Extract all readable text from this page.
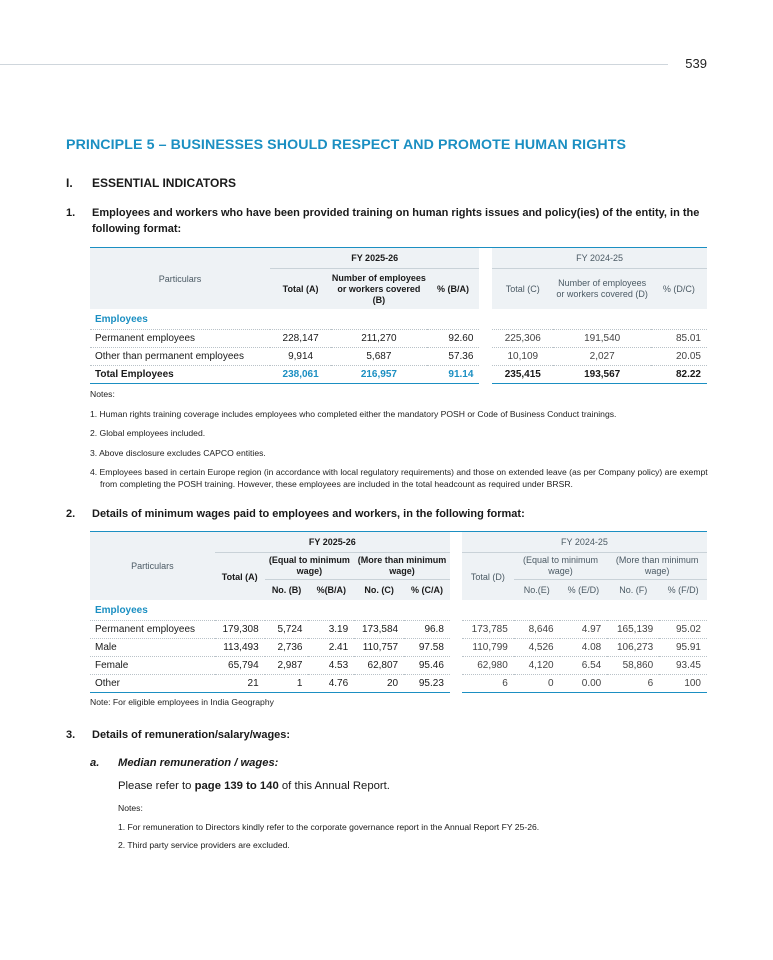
539
PRINCIPLE 5 – BUSINESSES SHOULD RESPECT AND PROMOTE HUMAN RIGHTS
I. ESSENTIAL INDICATORS
1. Employees and workers who have been provided training on human rights issues and policy(ies) of the entity, in the following format:
Particulars	FY 2025-26				FY 2024-25		
	Total (A)	Number of employees or workers covered (B)	% (B/A)		Total (C)	Number of employees or workers covered (D)	% (D/C)
Employees							
Permanent employees	228,147	211,270	92.60		225,306	191,540	85.01
Other than permanent employees	9,914	5,687	57.36		10,109	2,027	20.05
Total Employees	238,061	216,957	91.14		235,415	193,567	82.22

Notes:

1. Human rights training coverage includes employees who completed either the mandatory POSH or Code of Business Conduct trainings.

2. Global employees included.

3. Above disclosure excludes CAPCO entities.

4. Employees based in certain Europe region (in accordance with local regulatory requirements) and those on extended leave (as per Company policy) are exempt from completing the POSH training. However, these employees are included in the total headcount as required under BRSR.

2. Details of minimum wages paid to employees and workers, in the following format:
Particulars	FY 2025-26						FY 2024-25				
	Total (A)	(Equal to minimum wage)		(More than minimum wage)			Total (D)	(Equal to minimum wage)		(More than minimum wage)	
		No. (B)	%(B/A)	No. (C)	% (C/A)			No.(E)	% (E/D)	No. (F)	% (F/D)
Employees											
Permanent employees	179,308	5,724	3.19	173,584	96.8		173,785	8,646	4.97	165,139	95.02
Male	113,493	2,736	2.41	110,757	97.58		110,799	4,526	4.08	106,273	95.91
Female	65,794	2,987	4.53	62,807	95.46		62,980	4,120	6.54	58,860	93.45
Other	21	1	4.76	20	95.23		6	0	0.00	6	100

Note: For eligible employees in India Geography

3. Details of remuneration/salary/wages:
a. Median remuneration / wages:
Please refer to page 139 to 140 of this Annual Report.

Notes:

1. For remuneration to Directors kindly refer to the corporate governance report in the Annual Report FY 25-26.

2. Third party service providers are excluded.
